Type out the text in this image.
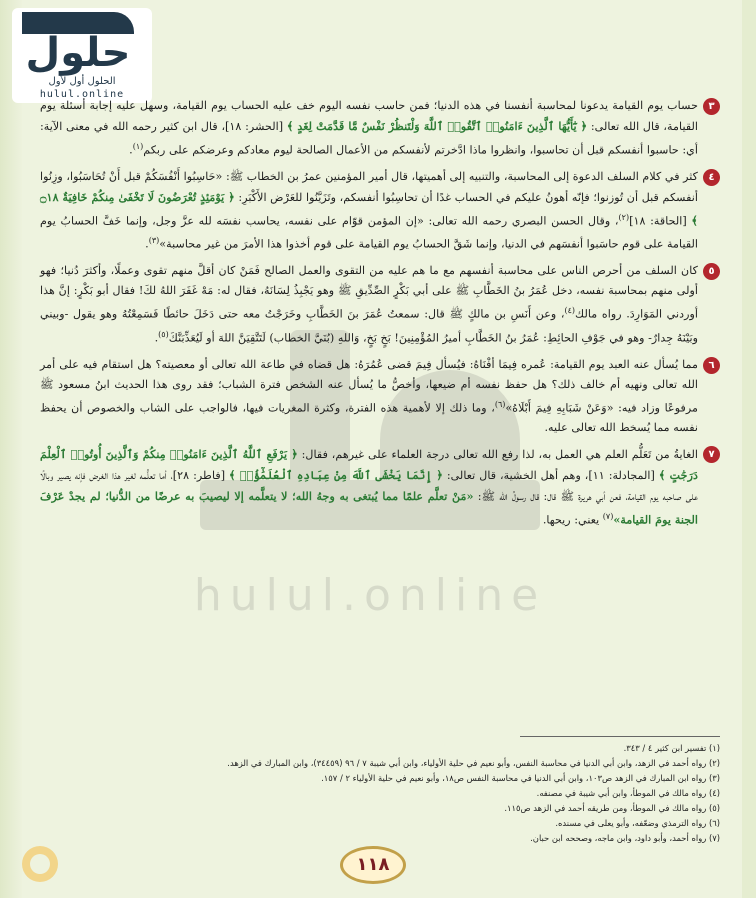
hulul.online
حلول
الحلول أول لأول
hulul.online
٣
حساب يوم القيامة يدعونا لمحاسبة أنفسنا في هذه الدنيا؛ فمن حاسب نفسه اليوم خف عليه الحساب يوم القيامة، وسهل عليه إجابة أسئلة يوم القيامة، قال الله تعالى: ﴿ يَٰٓأَيُّهَا ٱلَّذِينَ ءَامَنُوا۟ ٱتَّقُوا۟ ٱللَّهَ وَلْتَنظُرْ نَفْسٌ مَّا قَدَّمَتْ لِغَدٍ ﴾ [الحشر: ١٨]، قال ابن كثير رحمه الله في معنى الآية: أي: حاسبوا أنفسكم قبل أن تحاسبوا، وانظروا ماذا ادَّخرتم لأنفسكم من الأعمال الصالحة ليوم معادكم وعرضكم على ربكم$^{(١)}$.
٤
كثر في كلام السلف الدعوة إلى المحاسبة، والتنبيه إلى أهميتها، قال أمير المؤمنين عمرُ بن الخطاب ﷺ: «حَاسِبُوا أَنْفُسَكُمْ قبل أَنْ تُحَاسَبُوا، وزِنُوا أنفسكم قبل أن تُوزنوا؛ فإنّه أهونُ عليكم في الحساب غدًا أن تحاسِبُوا أنفسكم، وتَزَيَّنُوا للعَرْض الأَكْبَرِ: ﴿ يَوْمَئِذٍ تُعْرَضُونَ لَا تَخْفَىٰ مِنكُمْ خَافِيَةٌ ۝١٨ ﴾ [الحاقة: ١٨]$^{(٢)}$، وقال الحسن البصري رحمه الله تعالى: «إن المؤمن قوّام على نفسه، يحاسب نفسَه لله عزَّ وجل، وإنما خَفَّ الحسابُ يوم القيامة على قوم حاسَبوا أنفسَهم في الدنيا، وإنما شَقَّ الحسابُ يوم القيامة على قوم أخذوا هذا الأمرَ من غير محاسبة»$^{(٣)}$.
٥
كان السلف من أحرص الناس على محاسبة أنفسهم مع ما هم عليه من التقوى والعمل الصالح فَمَنْ كان أقلَّ منهم تقوى وعملًا، وأكثرَ دُنيا؛ فهو أولى منهم بمحاسبة نفسه، دخل عُمَرُ بنُ الخَطَّابِ ﷺ على أبي بَكْرٍ الصِّدِّيقِ ﷺ وهو يَجْبِذُ لِسَانَهُ، فقال له: مَهْ غَفَرَ اللهُ لكَ! فقال أبو بَكْرٍ: إنَّ هذا أوردني المَوَارِدَ. رواه مالك$^{(٤)}$، وعن أَنَسِ بن مالكٍ ﷺ قال: سمعتُ عُمَرَ بنَ الخَطَّابِ وخَرَجْتُ معه حتى دَخَلَ حائطًا فَسَمِعْتُهُ وهو يقول -وبيني وبَيْنَهُ جِدارٌ- وهو في جَوْفِ الحائِطِ: عُمَرُ بنُ الخَطَّابِ أميرُ المُؤْمِنِينَ! بَخٍ بَخٍ، وَاللهِ (بُنَيَّ الخطاب) لَتَتَّقِيَنَّ اللهَ أو لَيُعَذِّبَنَّكَ$^{(٥)}$.
٦
مما يُسأل عنه العبد يوم القيامة: عُمره فِيمَا أفْنَاهُ: فيُسأل فِيمَ قضى عُمُرَهُ: هل قضاه في طاعة الله تعالى أو معصيته؟ هل استقام فيه على أمر الله تعالى ونهيه أم خالف ذلك؟ هل حفظ نفسه أم ضيعها، وأخصُّ ما يُسأل عنه الشخص فترة الشباب؛ فقد روى هذا الحديث ابنُ مسعود ﷺ مرفوعًا وزاد فيه: «وَعَنْ شَبَابِهِ فِيمَ أَبْلَاهُ»$^{(٦)}$، وما ذلك إلا لأهمية هذه الفترة، وكثرة المغريات فيها، فالواجب على الشاب والخصوص أن يحفظ نفسه مما يُسخط الله تعالى عليه.
٧
الغايةُ من تَعَلُّم العلم هي العمل به، لذا رفع الله تعالى درجة العلماء على غيرهم، فقال: ﴿ يَرْفَعِ ٱللَّهُ ٱلَّذِينَ ءَامَنُوا۟ مِنكُمْ وَٱلَّذِينَ أُوتُوا۟ ٱلْعِلْمَ دَرَجَٰتٍ ﴾ [المجادلة: ١١]، وهم أهل الخشية، قال تعالى: ﴿ إِنَّمَا يَخْشَى ٱللَّهَ مِنْ عِبَادِهِ ٱلْعُلَمَٰٓؤُا۟ ﴾ [فاطر: ٢٨]، أما تعلُّمه لغير هذا الغرض فإنه يصير وبالًا على صاحبه يوم القيامة، فعن أبي هريرة ﷺ قال: قال رسولُ الله ﷺ: «مَنْ تعلَّم علمًا مما يُبتغى به وجهُ الله؛ لا يتعلَّمه إلا ليصيبَ به عرضًا من الدُّنيا؛ لم يجدْ عَرْفَ الجنة يومَ القيامة»$^{(٧)}$ يعني: ريحها.
(١) تفسير ابن كثير ٤ / ٣٤٣.
(٢) رواه أحمد في الزهد، وابن أبي الدنيا في محاسبة النفس، وأبو نعيم في حلية الأولياء، وابن أبي شيبة ٧ / ٩٦ (٣٤٤٥٩)، وابن المبارك في الزهد.
(٣) رواه ابن المبارك في الزهد ص١٠٣، وابن أبي الدنيا في محاسبة النفس ص١٨، وأبو نعيم في حلية الأولياء ٢ / ١٥٧.
(٤) رواه مالك في الموطأ، وابن أبي شيبة في مصنفه.
(٥) رواه مالك في الموطأ، ومن طريقه أحمد في الزهد ص١١٥.
(٦) رواه الترمذي وضعّفه، وأبو يعلى في مسنده.
(٧) رواه أحمد، وأبو داود، وابن ماجه، وصححه ابن حبان.
١١٨
